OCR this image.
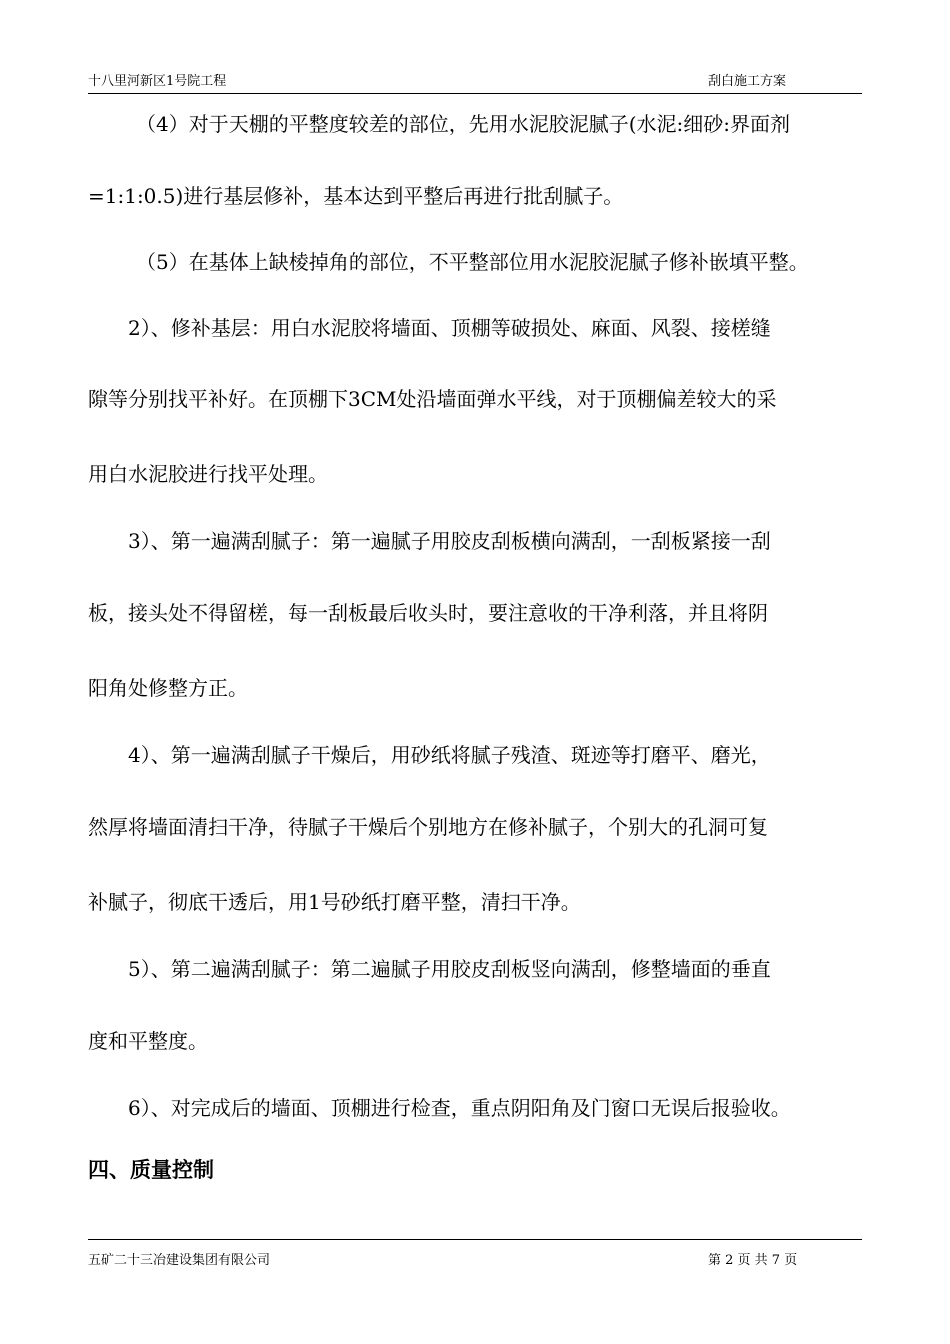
十八里河新区1号院工程	刮白施工方案
（4）对于天棚的平整度较差的部位，先用水泥胶泥腻子(水泥:细砂:界面剂
=1:1:0.5)进行基层修补，基本达到平整后再进行批刮腻子。
（5）在基体上缺棱掉角的部位，不平整部位用水泥胶泥腻子修补嵌填平整。
2）、修补基层：用白水泥胶将墙面、顶棚等破损处、麻面、风裂、接槎缝
隙等分别找平补好。在顶棚下3CM处沿墙面弹水平线，对于顶棚偏差较大的采
用白水泥胶进行找平处理。
3）、第一遍满刮腻子：第一遍腻子用胶皮刮板横向满刮，一刮板紧接一刮
板，接头处不得留槎，每一刮板最后收头时，要注意收的干净利落，并且将阴
阳角处修整方正。
4）、第一遍满刮腻子干燥后，用砂纸将腻子残渣、斑迹等打磨平、磨光，
然厚将墙面清扫干净，待腻子干燥后个别地方在修补腻子，个别大的孔洞可复
补腻子，彻底干透后，用1号砂纸打磨平整，清扫干净。
5）、第二遍满刮腻子：第二遍腻子用胶皮刮板竖向满刮，修整墙面的垂直
度和平整度。
6）、对完成后的墙面、顶棚进行检查，重点阴阳角及门窗口无误后报验收。
四、质量控制
五矿二十三冶建设集团有限公司	第 2 页 共 7 页
